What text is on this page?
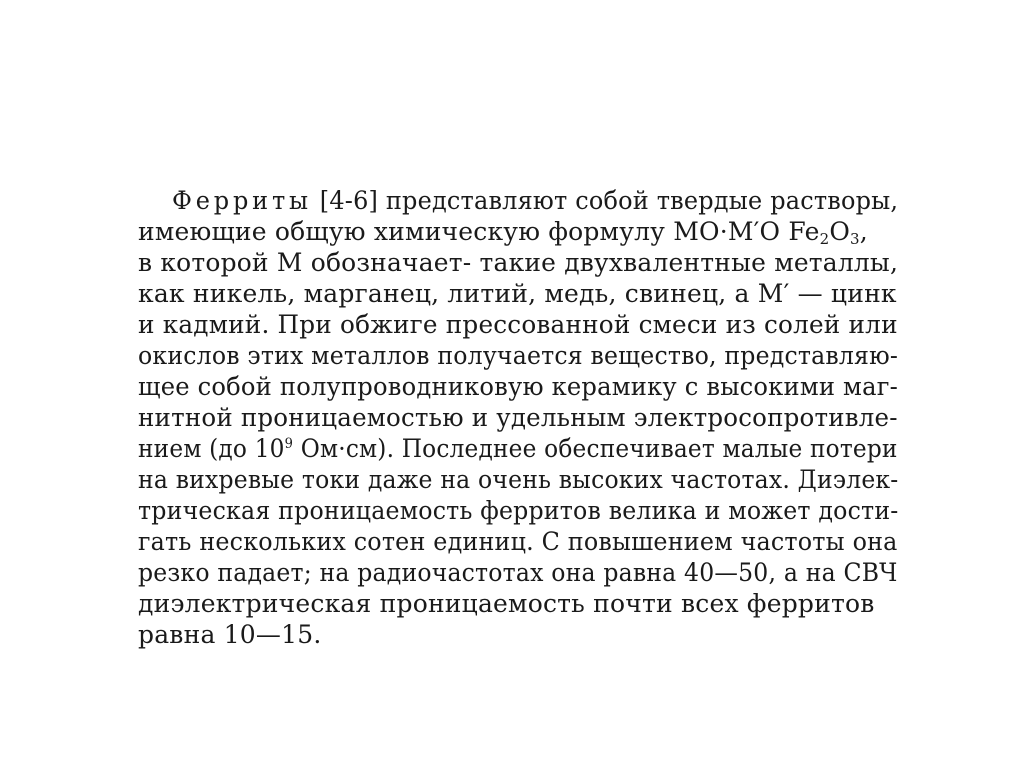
Ферриты [4-6] представляют собой твердые растворы,
имеющие общую химическую формулу МО·М′О $Fe_2O_3$,
в которой М обозначает- такие двухвалентные металлы,
как никель, марганец, литий, медь, свинец, а М′ — цинк
и кадмий. При обжиге прессованной смеси из солей или
окислов этих металлов получается вещество, представляю-
щее собой полупроводниковую керамику с высокими маг-
нитной проницаемостью и удельным электросопротивле-
нием (до $10^9$ Ом·см). Последнее обеспечивает малые потери
на вихревые токи даже на очень высоких частотах. Диэлек-
трическая проницаемость ферритов велика и может дости-
гать нескольких сотен единиц. С повышением частоты она
резко падает; на радиочастотах она равна 40—50, а на СВЧ
диэлектрическая проницаемость почти всех ферритов
равна 10—15.
